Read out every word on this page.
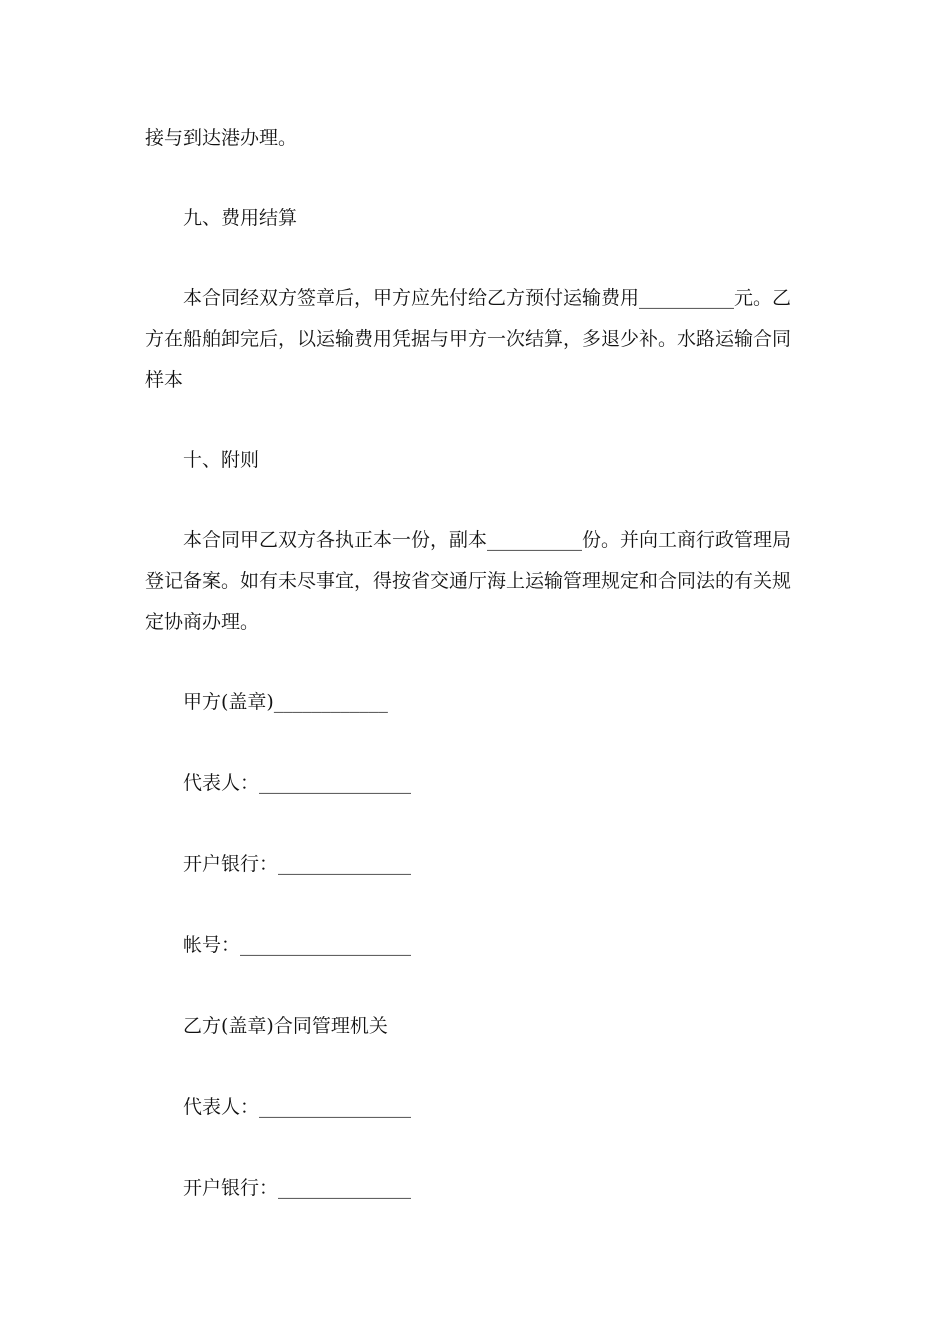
接与到达港办理。
九、费用结算
本合同经双方签章后，甲方应先付给乙方预付运输费用__________元。乙
方在船舶卸完后，以运输费用凭据与甲方一次结算，多退少补。水路运输合同
样本
十、附则
本合同甲乙双方各执正本一份，副本__________份。并向工商行政管理局
登记备案。如有未尽事宜，得按省交通厅海上运输管理规定和合同法的有关规
定协商办理。
甲方(盖章)____________
代表人：________________
开户银行：______________
帐号：__________________
乙方(盖章)合同管理机关
代表人：________________
开户银行：______________
